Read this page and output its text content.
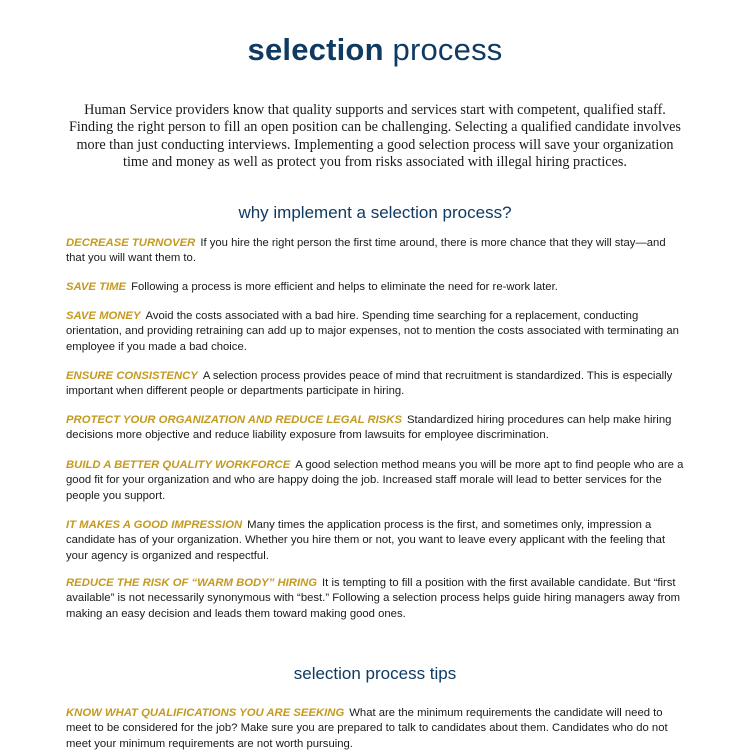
selection process
Human Service providers know that quality supports and services start with competent, qualified staff. Finding the right person to fill an open position can be challenging. Selecting a qualified candidate involves more than just conducting interviews. Implementing a good selection process will save your organization time and money as well as protect you from risks associated with illegal hiring practices.
why implement a selection process?
DECREASE TURNOVER If you hire the right person the first time around, there is more chance that they will stay—and that you will want them to.
SAVE TIME Following a process is more efficient and helps to eliminate the need for re-work later.
SAVE MONEY Avoid the costs associated with a bad hire. Spending time searching for a replacement, conducting orientation, and providing retraining can add up to major expenses, not to mention the costs associated with terminating an employee if you made a bad choice.
ENSURE CONSISTENCY A selection process provides peace of mind that recruitment is standardized. This is especially important when different people or departments participate in hiring.
PROTECT YOUR ORGANIZATION AND REDUCE LEGAL RISKS Standardized hiring procedures can help make hiring decisions more objective and reduce liability exposure from lawsuits for employee discrimination.
BUILD A BETTER QUALITY WORKFORCE A good selection method means you will be more apt to find people who are a good fit for your organization and who are happy doing the job. Increased staff morale will lead to better services for the people you support.
IT MAKES A GOOD IMPRESSION Many times the application process is the first, and sometimes only, impression a candidate has of your organization. Whether you hire them or not, you want to leave every applicant with the feeling that your agency is organized and respectful.
REDUCE THE RISK OF “WARM BODY” HIRING It is tempting to fill a position with the first available candidate. But “first available” is not necessarily synonymous with “best.” Following a selection process helps guide hiring managers away from making an easy decision and leads them toward making good ones.
selection process tips
KNOW WHAT QUALIFICATIONS YOU ARE SEEKING What are the minimum requirements the candidate will need to meet to be considered for the job? Make sure you are prepared to talk to candidates about them. Candidates who do not meet your minimum requirements are not worth pursuing.
